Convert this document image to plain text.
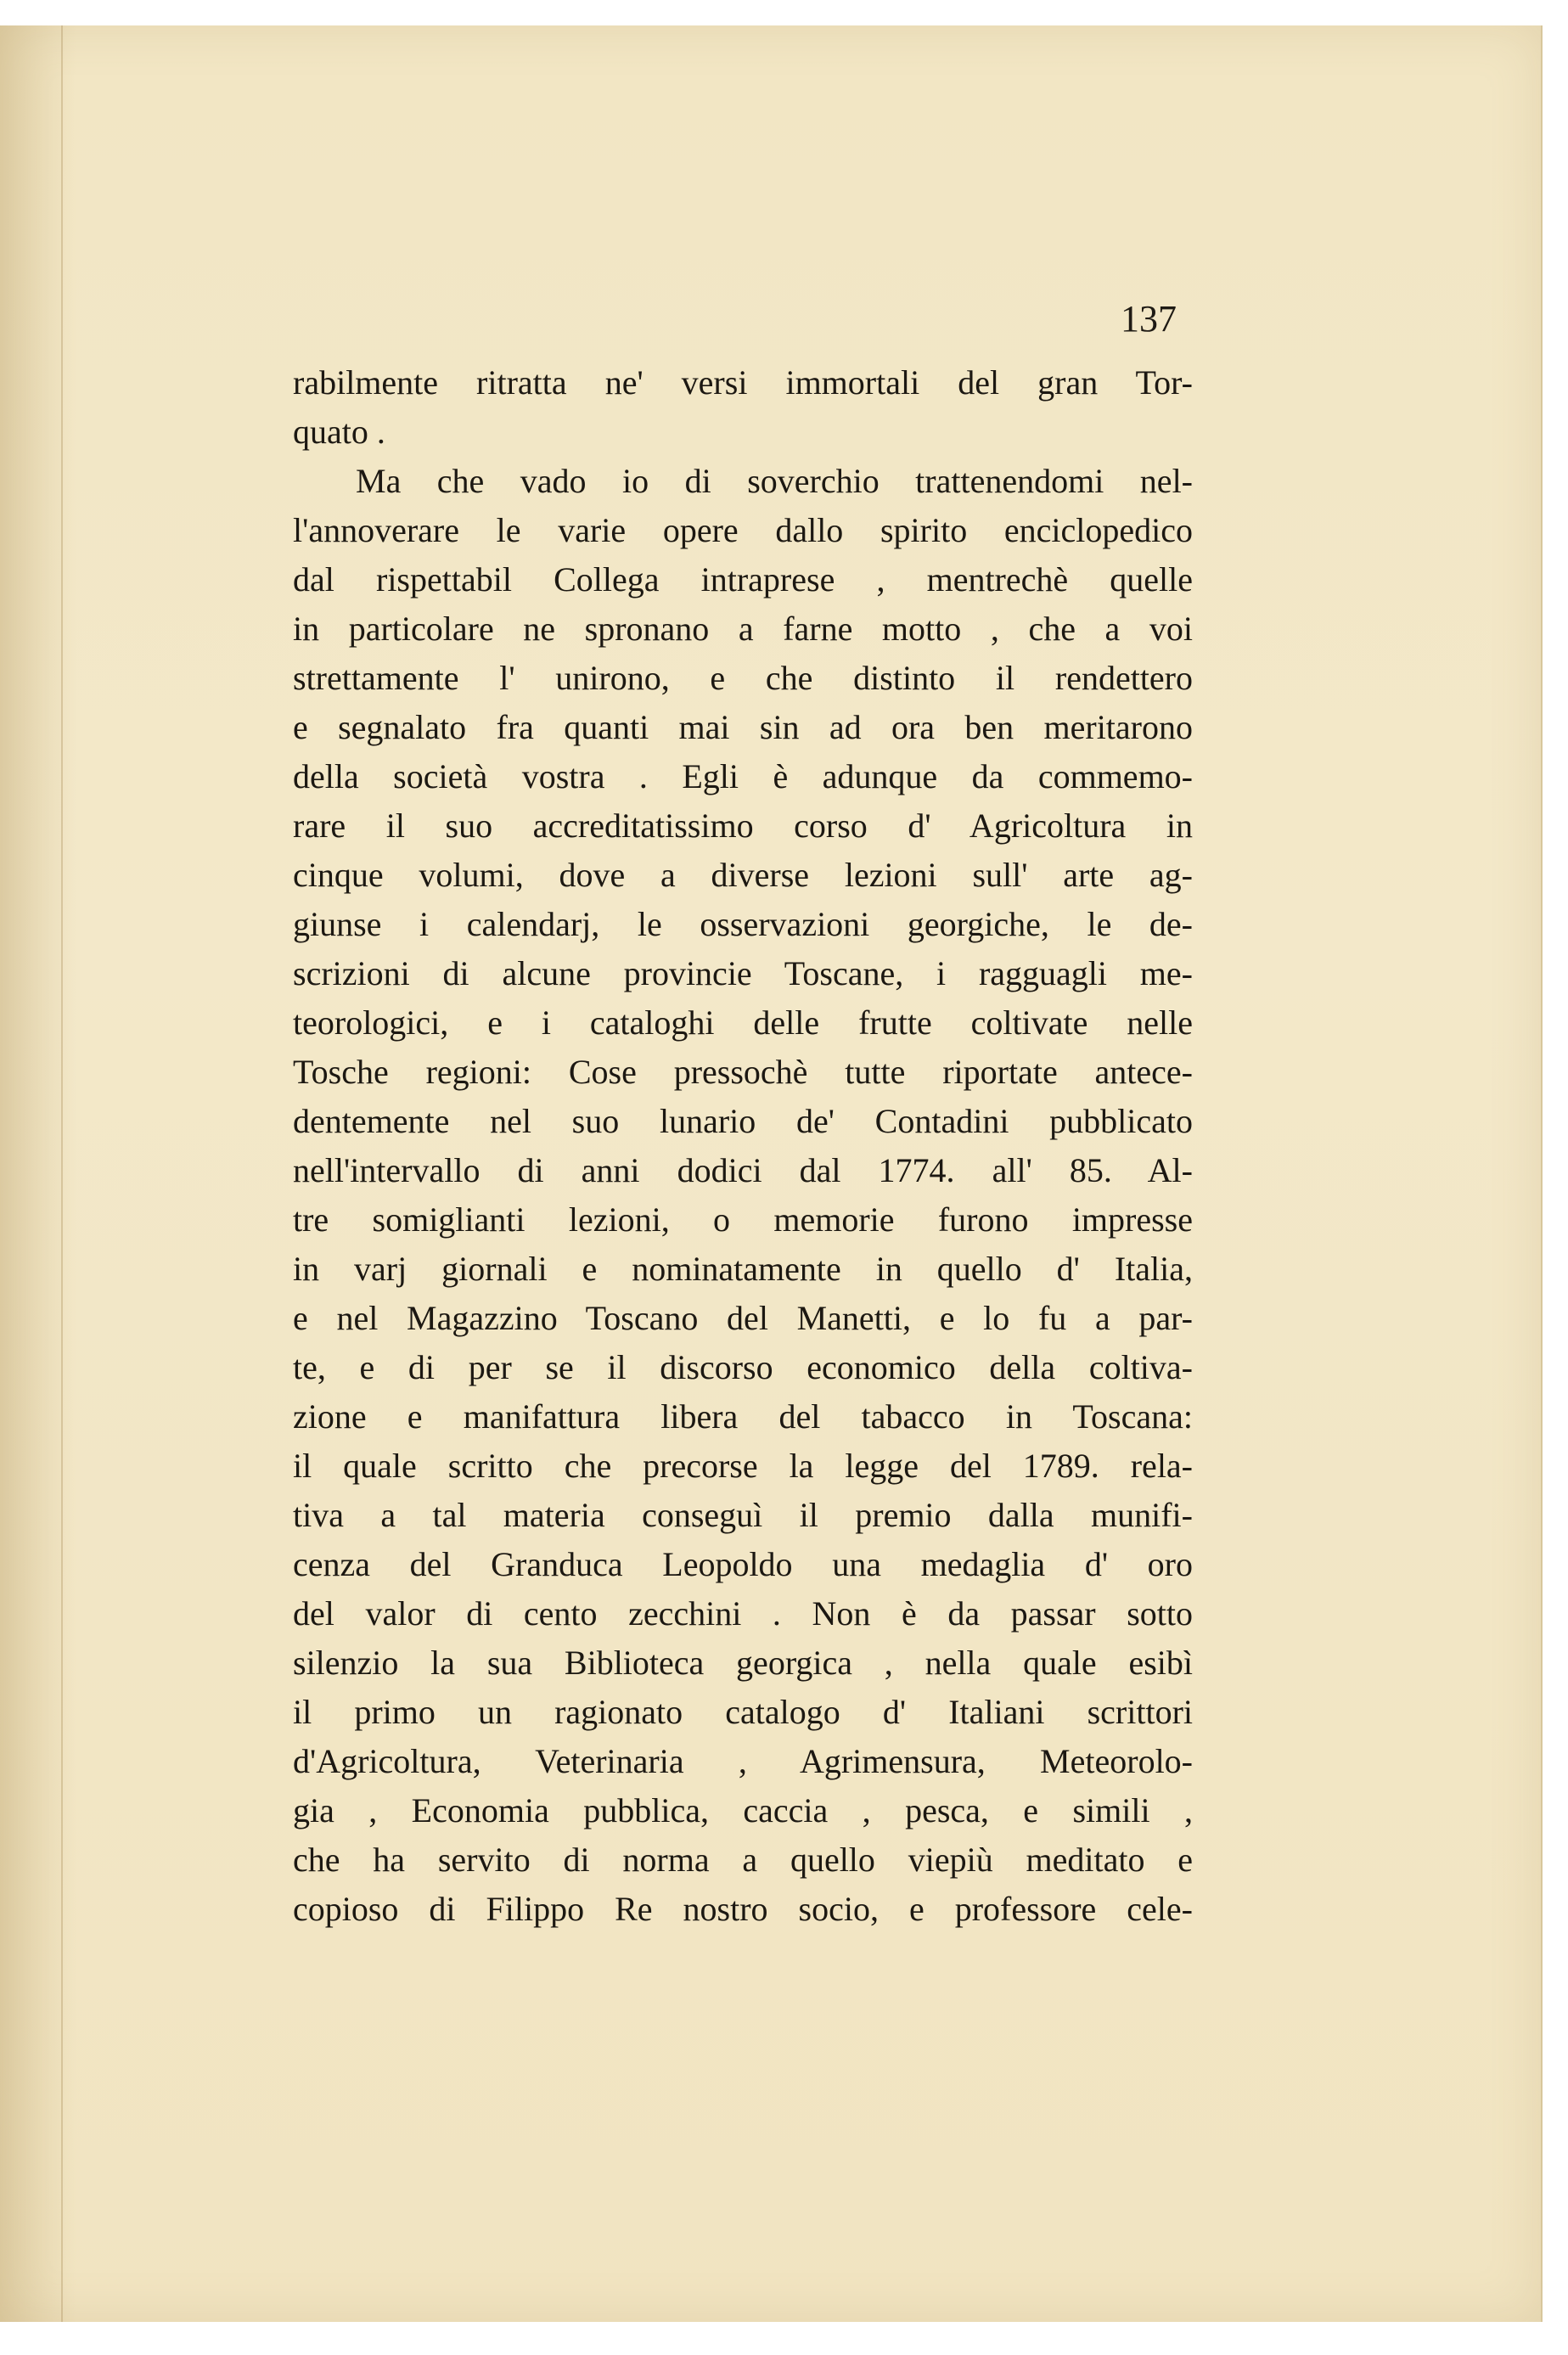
137
rabilmente ritratta ne' versi immortali del gran Tor-
quato .
Ma che vado io di soverchio trattenendomi nel-
l'annoverare le varie opere dallo spirito enciclopedico
dal rispettabil Collega intraprese , mentrechè quelle
in particolare ne spronano a farne motto , che a voi
strettamente l' unirono, e che distinto il rendettero
e segnalato fra quanti mai sin ad ora ben meritarono
della società vostra . Egli è adunque da commemo-
rare il suo accreditatissimo corso d' Agricoltura in
cinque volumi, dove a diverse lezioni sull' arte ag-
giunse i calendarj, le osservazioni georgiche, le de-
scrizioni di alcune provincie Toscane, i ragguagli me-
teorologici, e i cataloghi delle frutte coltivate nelle
Tosche regioni: Cose pressochè tutte riportate antece-
dentemente nel suo lunario de' Contadini pubblicato
nell'intervallo di anni dodici dal 1774. all' 85. Al-
tre somiglianti lezioni, o memorie furono impresse
in varj giornali e nominatamente in quello d' Italia,
e nel Magazzino Toscano del Manetti, e lo fu a par-
te, e di per se il discorso economico della coltiva-
zione e manifattura libera del tabacco in Toscana:
il quale scritto che precorse la legge del 1789. rela-
tiva a tal materia conseguì il premio dalla munifi-
cenza del Granduca Leopoldo una medaglia d' oro
del valor di cento zecchini . Non è da passar sotto
silenzio la sua Biblioteca georgica , nella quale esibì
il primo un ragionato catalogo d' Italiani scrittori
d'Agricoltura, Veterinaria , Agrimensura, Meteorolo-
gia , Economia pubblica, caccia , pesca, e simili ,
che ha servito di norma a quello viepiù meditato e
copioso di Filippo Re nostro socio, e professore cele-
